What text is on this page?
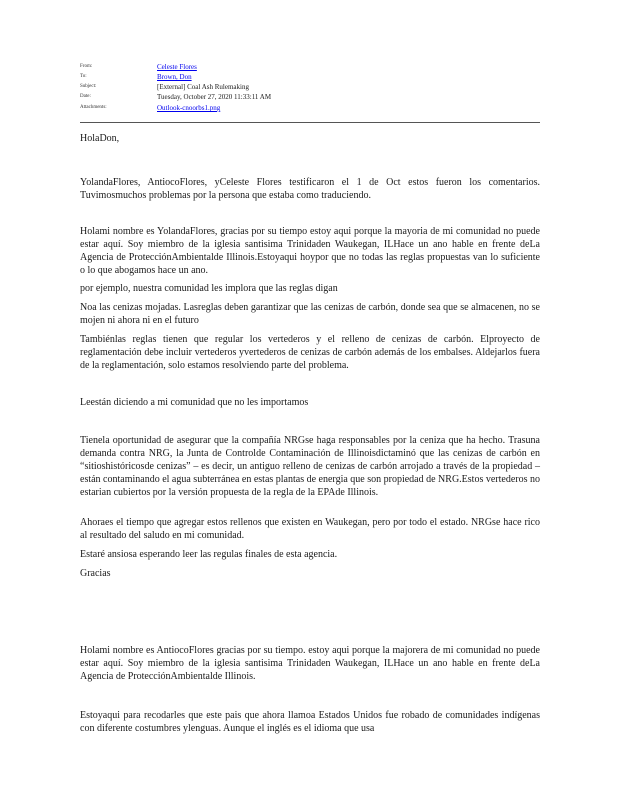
From:	Celeste Flores
To:	Brown, Don
Subject:	[External] Coal Ash Rulemaking
Date:	Tuesday, October 27, 2020 11:33:11 AM
Attachments:	Outlook-cnoorbs1.png
HolaDon,
YolandaFlores, AntiocoFlores, yCeleste Flores testificaron el 1 de Oct estos fueron los comentarios. Tuvimosmuchos problemas por la persona que estaba como traduciendo.
Holami nombre es YolandaFlores, gracias por su tiempo estoy aqui porque la mayoria de mi comunidad no puede estar aquí. Soy miembro de la iglesia santisima Trinidaden Waukegan, ILHace un ano hable en frente deLa Agencia de ProtecciónAmbientalde Illinois.Estoyaqui hoypor que no todas las reglas propuestas van lo suficiente o lo que abogamos hace un ano.
por ejemplo, nuestra comunidad les implora que las reglas digan
Noa las cenizas mojadas. Lasreglas deben garantizar que las cenizas de carbón, donde sea que se almacenen, no se mojen ni ahora ni en el futuro
Tambiénlas reglas tienen que regular los vertederos y el relleno de cenizas de carbón. Elproyecto de reglamentación debe incluir vertederos yvertederos de cenizas de carbón además de los embalses. Aldejarlos fuera de la reglamentación, solo estamos resolviendo parte del problema.
Leestán diciendo a mi comunidad que no les importamos
Tienela oportunidad de asegurar que la compañía NRGse haga responsables por la ceniza que ha hecho. Trasuna demanda contra NRG, la Junta de Controlde Contaminación de Illinoisdictaminó que las cenizas de carbón en “sitioshistóricosde cenizas” – es decir, un antiguo relleno de cenizas de carbón arrojado a través de la propiedad – están contaminando el agua subterránea en estas plantas de energia que son propiedad de NRG.Estos vertederos no estarian cubiertos por la versión propuesta de la regla de la EPAde Illinois.
Ahoraes el tiempo que agregar estos rellenos que existen en Waukegan, pero por todo el estado. NRGse hace rico al resultado del saludo en mi comunidad.
Estaré ansiosa esperando leer las regulas finales de esta agencia.
Gracias
Holami nombre es AntiocoFlores gracias por su tiempo. estoy aqui porque la majorera de mi comunidad no puede estar aquí. Soy miembro de la iglesia santisima Trinidaden Waukegan, ILHace un ano hable en frente deLa Agencia de ProtecciónAmbientalde Illinois.
Estoyaqui para recodarles que este pais que ahora llamoa Estados Unidos fue robado de comunidades indígenas con diferente costumbres ylenguas. Aunque el inglés es el idioma que usa
